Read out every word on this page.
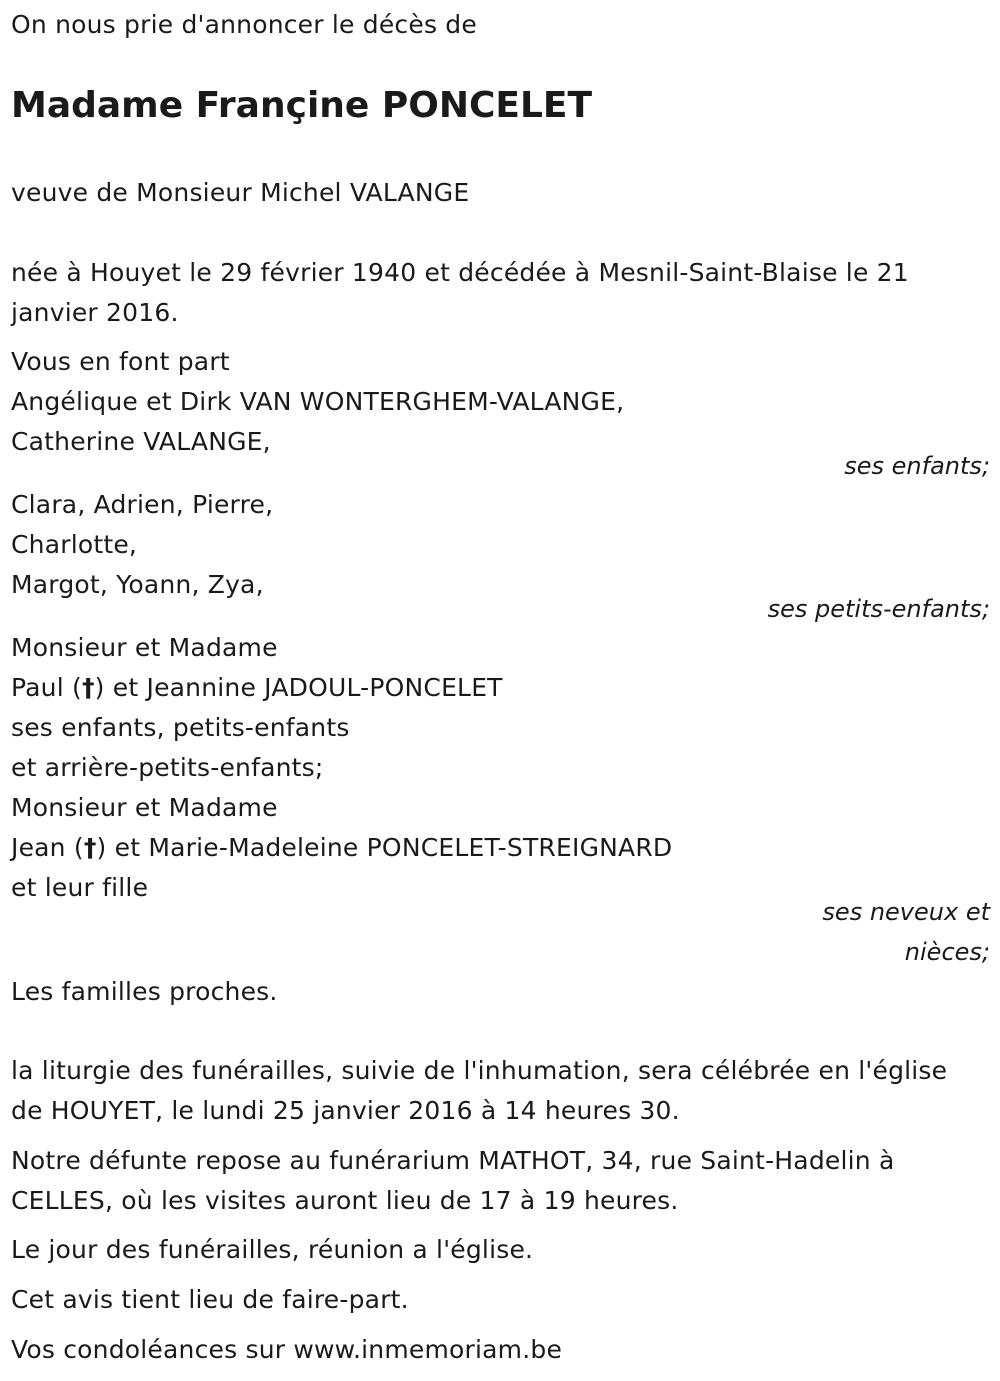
On nous prie d'annoncer le décès de
Madame Françine PONCELET
veuve de Monsieur Michel VALANGE
née à Houyet le 29 février 1940 et décédée à Mesnil-Saint-Blaise le 21
janvier 2016.
Vous en font part
Angélique et Dirk VAN WONTERGHEM-VALANGE,
Catherine VALANGE,
ses enfants;
Clara, Adrien, Pierre,
Charlotte,
Margot, Yoann, Zya,
ses petits-enfants;
Monsieur et Madame
Paul (†) et Jeannine JADOUL-PONCELET
ses enfants, petits-enfants
et arrière-petits-enfants;
Monsieur et Madame
Jean (†) et Marie-Madeleine PONCELET-STREIGNARD
et leur fille
ses neveux et
nièces;
Les familles proches.
la liturgie des funérailles, suivie de l'inhumation, sera célébrée en l'église
de HOUYET, le lundi 25 janvier 2016 à 14 heures 30.
Notre défunte repose au funérarium MATHOT, 34, rue Saint-Hadelin à
CELLES, où les visites auront lieu de 17 à 19 heures.
Le jour des funérailles, réunion a l'église.
Cet avis tient lieu de faire-part.
Vos condoléances sur www.inmemoriam.be
